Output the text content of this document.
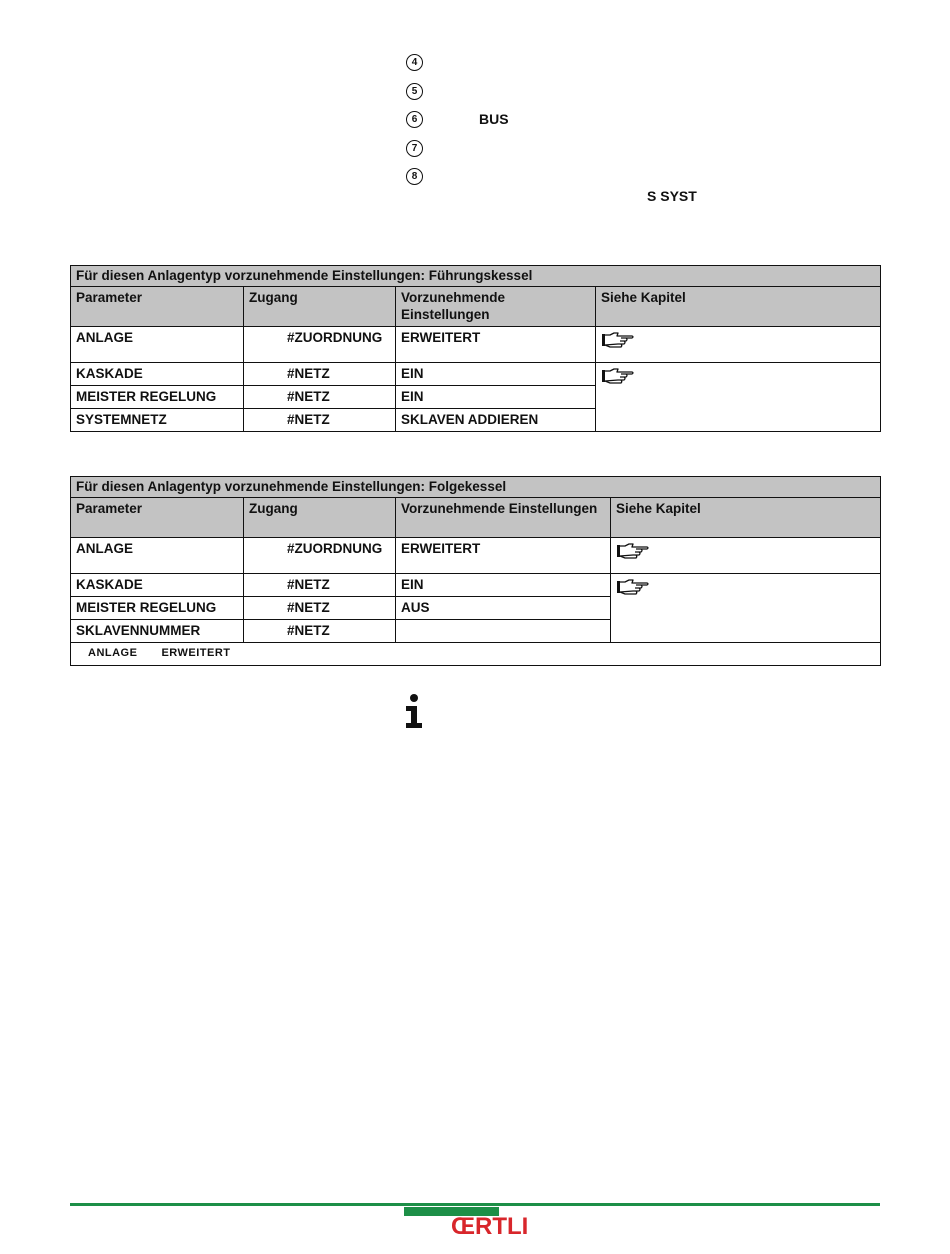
4
5
6	BUS
7
8
S SYST
Für diesen Anlagentyp vorzunehmende Einstellungen: Führungskessel			
Parameter	Zugang	Vorzunehmende Einstellungen	Siehe Kapitel
ANLAGE	#ZUORDNUNG	ERWEITERT	
KASKADE	#NETZ	EIN	
MEISTER REGELUNG	#NETZ	EIN	
SYSTEMNETZ	#NETZ	SKLAVEN ADDIEREN	
Für diesen Anlagentyp vorzunehmende Einstellungen: Folgekessel			
Parameter	Zugang	Vorzunehmende Einstellungen	Siehe Kapitel
ANLAGE	#ZUORDNUNG	ERWEITERT	
KASKADE	#NETZ	EIN	
MEISTER REGELUNG	#NETZ	AUS	
SKLAVENNUMMER	#NETZ		
ANLAGE ERWEITERT			
ŒRTLI
